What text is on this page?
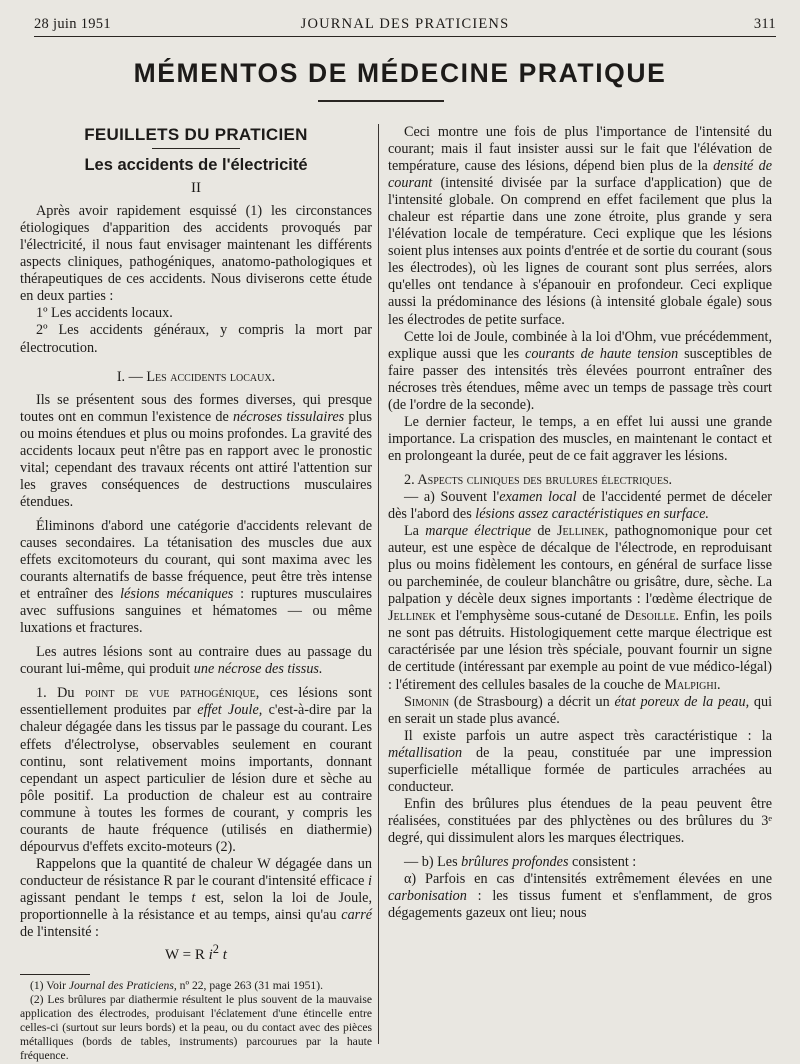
28 juin 1951	JOURNAL DES PRATICIENS	311
MÉMENTOS DE MÉDECINE PRATIQUE
FEUILLETS DU PRATICIEN
Les accidents de l'électricité
II

Après avoir rapidement esquissé (1) les circonstances étiologiques d'apparition des accidents provoqués par l'électricité, il nous faut envisager maintenant les différents aspects cliniques, pathogéniques, anatomo-pathologiques et thérapeutiques de ces accidents. Nous diviserons cette étude en deux parties :

1º Les accidents locaux.

2º Les accidents généraux, y compris la mort par électrocution.

I. — Les accidents locaux.

Ils se présentent sous des formes diverses, qui presque toutes ont en commun l'existence de nécroses tissulaires plus ou moins étendues et plus ou moins profondes. La gravité des accidents locaux peut n'être pas en rapport avec le pronostic vital; cependant des travaux récents ont attiré l'attention sur les graves conséquences de destructions musculaires étendues.

Éliminons d'abord une catégorie d'accidents relevant de causes secondaires. La tétanisation des muscles due aux effets excitomoteurs du courant, qui sont maxima avec les courants alternatifs de basse fréquence, peut être très intense et entraîner des lésions mécaniques : ruptures musculaires avec suffusions sanguines et hématomes — ou même luxations et fractures.

Les autres lésions sont au contraire dues au passage du courant lui-même, qui produit une nécrose des tissus.

1. Du point de vue pathogénique, ces lésions sont essentiellement produites par effet Joule, c'est-à-dire par la chaleur dégagée dans les tissus par le passage du courant. Les effets d'électrolyse, observables seulement en courant continu, sont relativement moins importants, donnant cependant un aspect particulier de lésion dure et sèche au pôle positif. La production de chaleur est au contraire commune à toutes les formes de courant, y compris les courants de haute fréquence (utilisés en diathermie) dépourvus d'effets excito-moteurs (2).

Rappelons que la quantité de chaleur W dégagée dans un conducteur de résistance R par le courant d'intensité efficace i agissant pendant le temps t est, selon la loi de Joule, proportionnelle à la résistance et au temps, ainsi qu'au carré de l'intensité :

W = R $i^2$ t

(1) Voir Journal des Praticiens, nº 22, page 263 (31 mai 1951).

(2) Les brûlures par diathermie résultent le plus souvent de la mauvaise application des électrodes, produisant l'éclatement d'une étincelle entre celles-ci (surtout sur leurs bords) et la peau, ou du contact avec des pièces métalliques (bords de tables, instruments) parcourues par la haute fréquence.

Ceci montre une fois de plus l'importance de l'intensité du courant; mais il faut insister aussi sur le fait que l'élévation de température, cause des lésions, dépend bien plus de la densité de courant (intensité divisée par la surface d'application) que de l'intensité globale. On comprend en effet facilement que plus la chaleur est répartie dans une zone étroite, plus grande y sera l'élévation locale de température. Ceci explique que les lésions soient plus intenses aux points d'entrée et de sortie du courant (sous les électrodes), où les lignes de courant sont plus serrées, alors qu'elles ont tendance à s'épanouir en profondeur. Ceci explique aussi la prédominance des lésions (à intensité globale égale) sous les électrodes de petite surface.

Cette loi de Joule, combinée à la loi d'Ohm, vue précédemment, explique aussi que les courants de haute tension susceptibles de faire passer des intensités très élevées pourront entraîner des nécroses très étendues, même avec un temps de passage très court (de l'ordre de la seconde).

Le dernier facteur, le temps, a en effet lui aussi une grande importance. La crispation des muscles, en maintenant le contact et en prolongeant la durée, peut de ce fait aggraver les lésions.

2. Aspects cliniques des brulures électriques.

— a) Souvent l'examen local de l'accidenté permet de déceler dès l'abord des lésions assez caractéristiques en surface.

La marque électrique de Jellinek, pathognomonique pour cet auteur, est une espèce de décalque de l'électrode, en reproduisant plus ou moins fidèlement les contours, en général de surface lisse ou parcheminée, de couleur blanchâtre ou grisâtre, dure, sèche. La palpation y décèle deux signes importants : l'œdème électrique de Jellinek et l'emphysème sous-cutané de Desoille. Enfin, les poils ne sont pas détruits. Histologiquement cette marque électrique est caractérisée par une lésion très spéciale, pouvant fournir un signe de certitude (intéressant par exemple au point de vue médico-légal) : l'étirement des cellules basales de la couche de Malpighi.

Simonin (de Strasbourg) a décrit un état poreux de la peau, qui en serait un stade plus avancé.

Il existe parfois un autre aspect très caractéristique : la métallisation de la peau, constituée par une impression superficielle métallique formée de particules arrachées au conducteur.

Enfin des brûlures plus étendues de la peau peuvent être réalisées, constituées par des phlyctènes ou des brûlures du 3ᵉ degré, qui dissimulent alors les marques électriques.

— b) Les brûlures profondes consistent :

α) Parfois en cas d'intensités extrêmement élevées en une carbonisation : les tissus fument et s'enflamment, de gros dégagements gazeux ont lieu; nous
